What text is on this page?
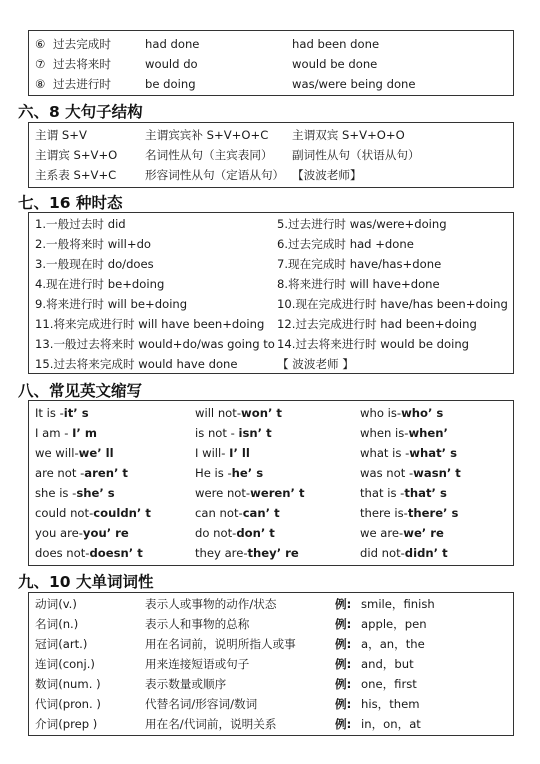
⑥ 过去完成时	had done	had been done
⑦ 过去将来时	would do	would be done
⑧ 过去进行时	be doing	was/were being done
六、8 大句子结构
主谓 S+V	主谓宾宾补 S+V+O+C 主谓双宾 S+V+O+O
主谓宾 S+V+O 名词性从句（主宾表同） 副词性从句（状语从句）
主系表 S+V+C 形容词性从句（定语从句） 【波波老师】
七、16 种时态
1.一般过去时 did	5.过去进行时 was/were+doing
2.一般将来时 will+do	6.过去完成时 had +done
3.一般现在时 do/does	7.现在完成时 have/has+done
4.现在进行时 be+doing	8.将来进行时 will have+done
9.将来进行时 will be+doing	10.现在完成进行时 have/has been+doing
11.将来完成进行时 will have been+doing 12.过去完成进行时 had been+doing
13.一般过去将来时 would+do/was going to 14.过去将来进行时 would be doing
15.过去将来完成时 would have done	【 波波老师 】
八、常见英文缩写
It is -it’ s	will not-won’ t	who is-who’ s
I am - I’ m	is not - isn’ t	when is-when’
we will-we’ ll	I will- I’ ll	what is -what’ s
are not -aren’ t	He is -he’ s	was not -wasn’ t
she is -she’ s	were not-weren’ t	that is -that’ s
could not-couldn’ t	can not-can’ t	there is-there’ s
you are-you’ re	do not-don’ t	we are-we’ re
does not-doesn’ t	they are-they’ re	did not-didn’ t
九、10 大单词词性
动词(v.)	表示人或事物的动作/状态	例: smile，finish
名词(n.)	表示人和事物的总称	例: apple，pen
冠词(art.)	用在名词前，说明所指人或事	例: a，an，the
连词(conj.)	用来连接短语或句子	例: and，but
数词(num. )	表示数量或顺序	例: one，first
代词(pron. )	代替名词/形容词/数词	例: his，them
介词(prep )	用在名/代词前，说明关系	例: in，on，at
